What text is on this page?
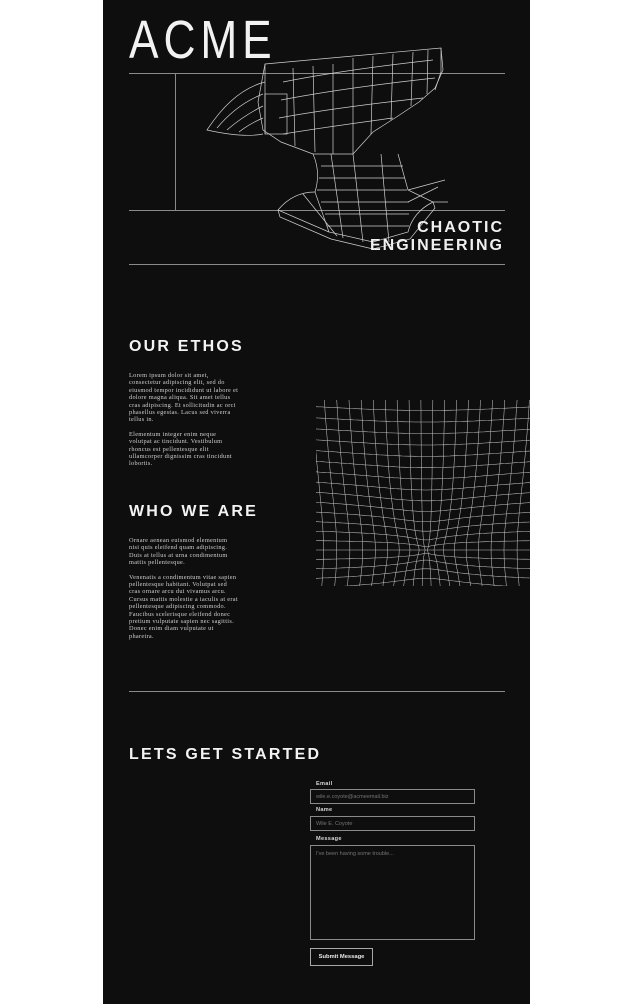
ACME
CHAOTIC
ENGINEERING
OUR ETHOS

Lorem ipsum dolor sit amet,
consectetur adipiscing elit, sed do
eiusmod tempor incididunt ut labore et
dolore magna aliqua. Sit amet tellus
cras adipiscing. Et sollicitudin ac orci
phasellus egestas. Lacus sed viverra
tellus in.

Elementum integer enim neque
volutpat ac tincidunt. Vestibulum
rhoncus est pellentesque elit
ullamcorper dignissim cras tincidunt
lobortis.

WHO WE ARE

Ornare aenean euismod elementum
nisi quis eleifend quam adipiscing.
Duis at tellus at urna condimentum
mattis pellentesque.

Venenatis a condimentum vitae sapien
pellentesque habitant. Volutpat sed
cras ornare arcu dui vivamus arcu.
Cursus mattis molestie a iaculis at erat
pellentesque adipiscing commodo.
Faucibus scelerisque eleifend donec
pretium vulputate sapien nec sagittis.
Donec enim diam vulputate ut
pharetra.

LETS GET STARTED
Email
wile.e.coyote@acmeemail.biz
Name
Wile E. Coyote
Message
I've been having some trouble...
Submit Message
